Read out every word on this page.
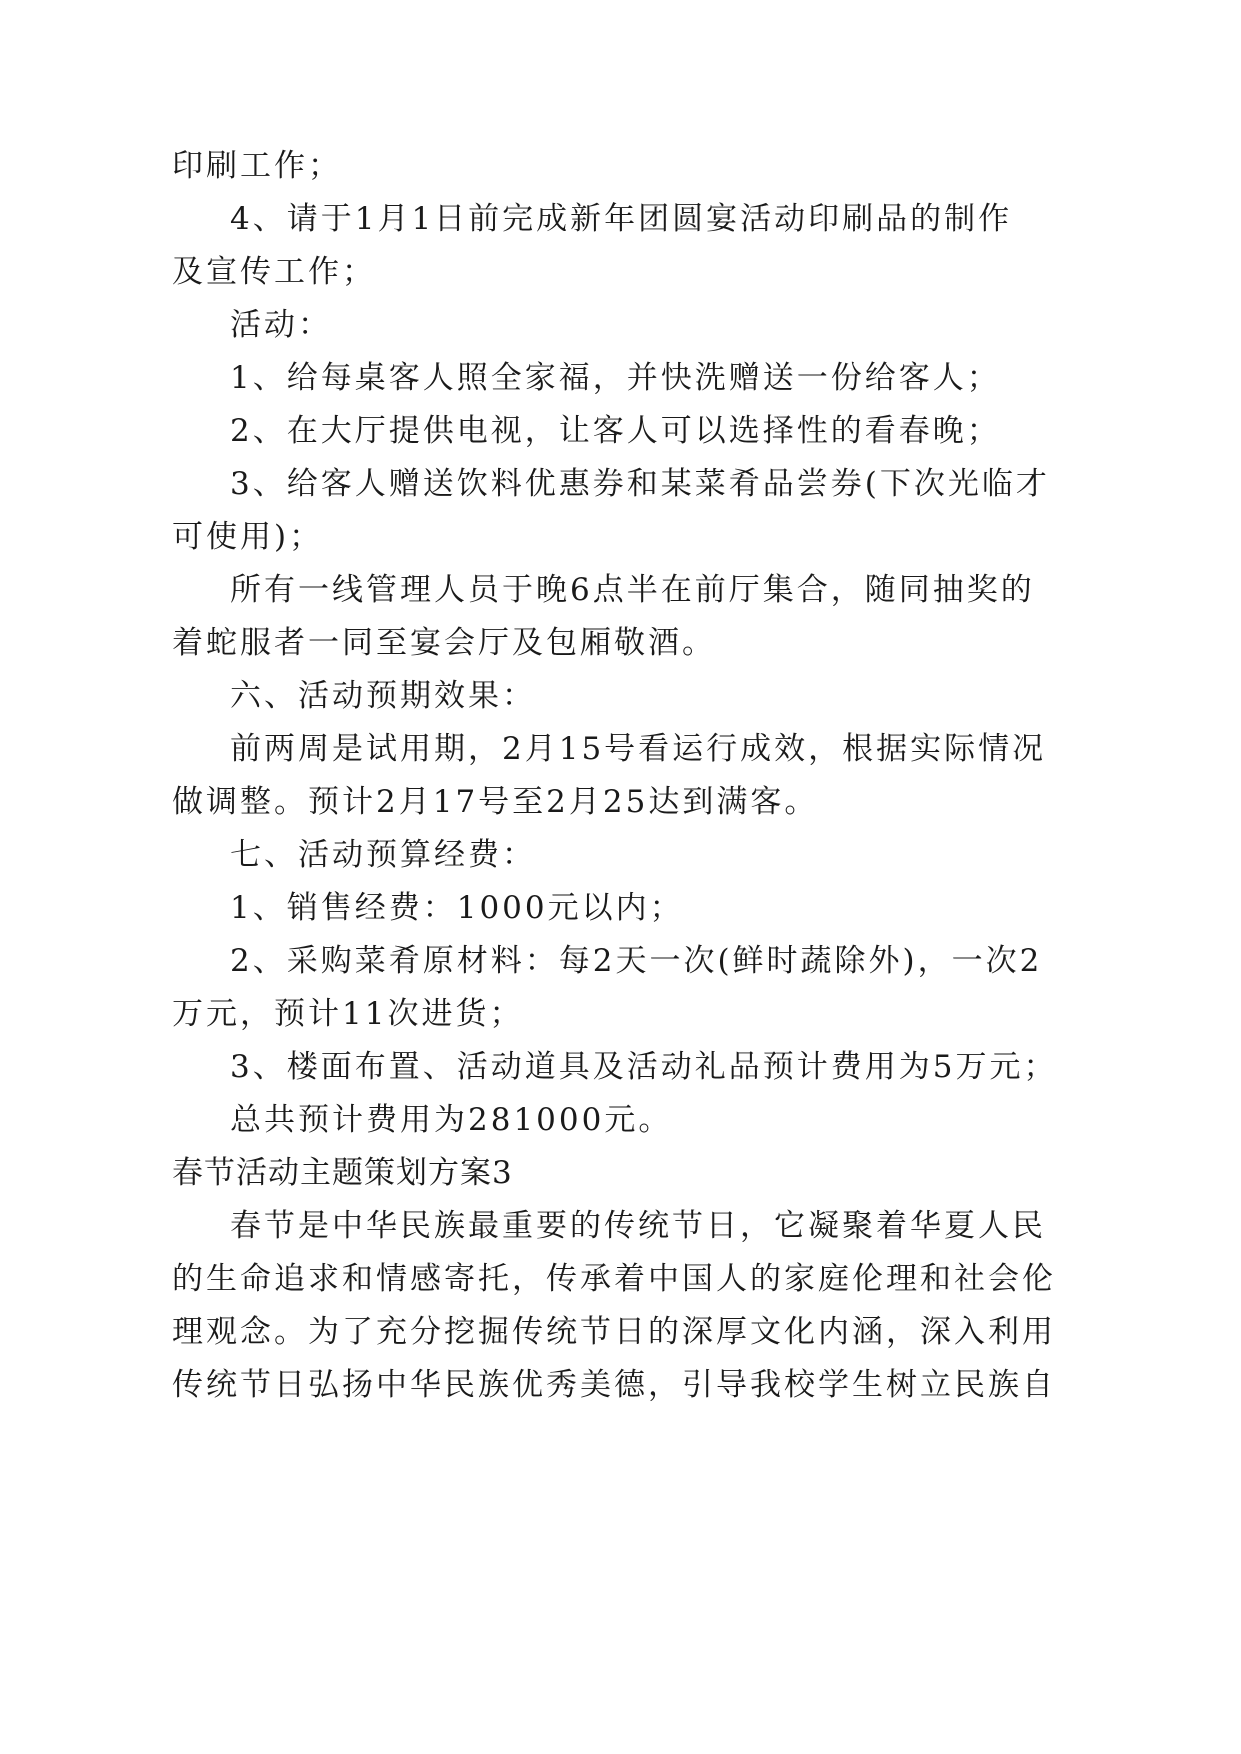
印刷工作；
4、请于1月1日前完成新年团圆宴活动印刷品的制作
及宣传工作；
活动：
1、给每桌客人照全家福，并快洗赠送一份给客人；
2、在大厅提供电视，让客人可以选择性的看春晚；
3、给客人赠送饮料优惠券和某菜肴品尝券(下次光临才
可使用)；
所有一线管理人员于晚6点半在前厅集合，随同抽奖的
着蛇服者一同至宴会厅及包厢敬酒。
六、活动预期效果：
前两周是试用期，2月15号看运行成效，根据实际情况
做调整。预计2月17号至2月25达到满客。
七、活动预算经费：
1、销售经费：1000元以内；
2、采购菜肴原材料：每2天一次(鲜时蔬除外)，一次2
万元，预计11次进货；
3、楼面布置、活动道具及活动礼品预计费用为5万元；
总共预计费用为281000元。
春节活动主题策划方案3
春节是中华民族最重要的传统节日，它凝聚着华夏人民
的生命追求和情感寄托，传承着中国人的家庭伦理和社会伦
理观念。为了充分挖掘传统节日的深厚文化内涵，深入利用
传统节日弘扬中华民族优秀美德，引导我校学生树立民族自
